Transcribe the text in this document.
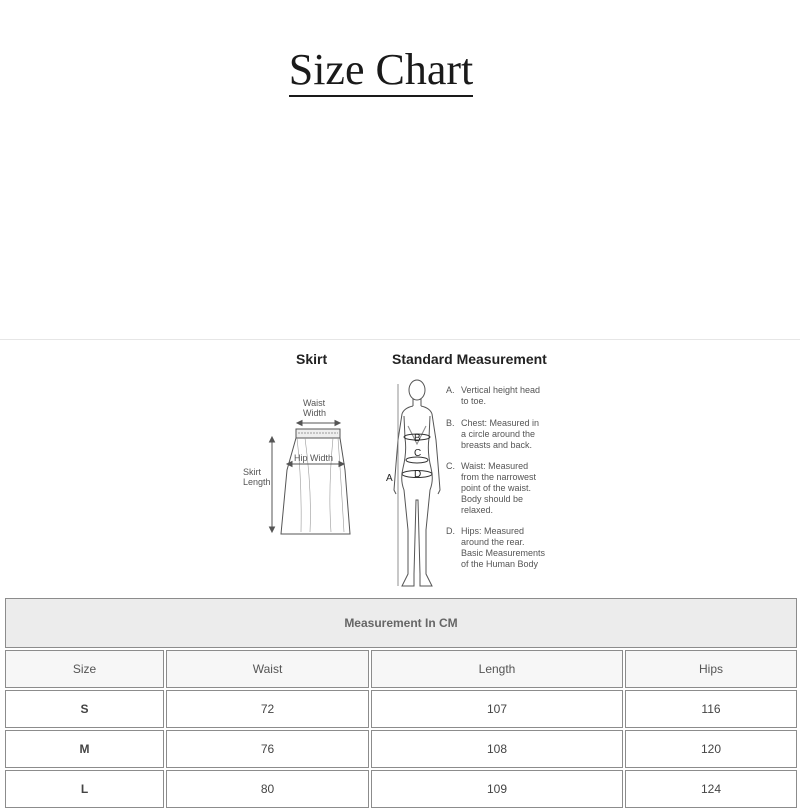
Size Chart
Skirt	Standard Measurement
Waist
Width
Hip Width
Skirt
Length
B
C
D
A
A. Vertical height head
to toe.
B. Chest: Measured in
a circle around the
breasts and back.
C. Waist: Measured
from the narrowest
point of the waist.
Body should be
relaxed.
D. Hips: Measured
around the rear.
Basic Measurements
of the Human Body
Measurement In CM			
Size	Waist	Length	Hips
S	72	107	116
M	76	108	120
L	80	109	124
